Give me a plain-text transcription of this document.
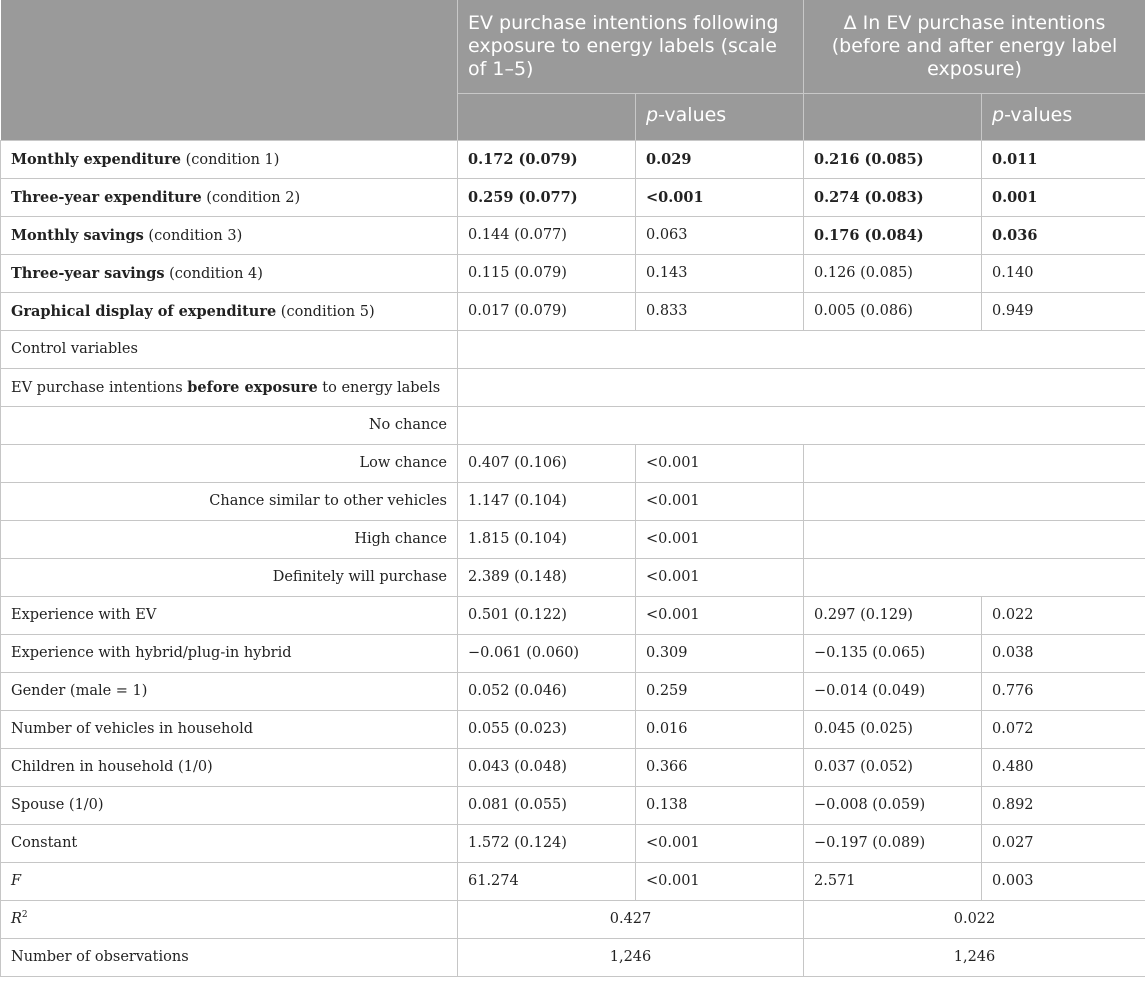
	EV purchase intentions following exposure to energy labels (scale of 1–5)		Δ In EV purchase intentions (before and after energy label exposure)	
		p-values		p-values
Monthly expenditure (condition 1)	0.172 (0.079)	0.029	0.216 (0.085)	0.011
Three-year expenditure (condition 2)	0.259 (0.077)	<0.001	0.274 (0.083)	0.001
Monthly savings (condition 3)	0.144 (0.077)	0.063	0.176 (0.084)	0.036
Three-year savings (condition 4)	0.115 (0.079)	0.143	0.126 (0.085)	0.140
Graphical display of expenditure (condition 5)	0.017 (0.079)	0.833	0.005 (0.086)	0.949
Control variables				
EV purchase intentions before exposure to energy labels				
No chance				
Low chance	0.407 (0.106)	<0.001		
Chance similar to other vehicles	1.147 (0.104)	<0.001		
High chance	1.815 (0.104)	<0.001		
Definitely will purchase	2.389 (0.148)	<0.001		
Experience with EV	0.501 (0.122)	<0.001	0.297 (0.129)	0.022
Experience with hybrid/plug-in hybrid	−0.061 (0.060)	0.309	−0.135 (0.065)	0.038
Gender (male = 1)	0.052 (0.046)	0.259	−0.014 (0.049)	0.776
Number of vehicles in household	0.055 (0.023)	0.016	0.045 (0.025)	0.072
Children in household (1/0)	0.043 (0.048)	0.366	0.037 (0.052)	0.480
Spouse (1/0)	0.081 (0.055)	0.138	−0.008 (0.059)	0.892
Constant	1.572 (0.124)	<0.001	−0.197 (0.089)	0.027
F	61.274	<0.001	2.571	0.003
$R^2$	0.427		0.022	
Number of observations	1,246		1,246	
